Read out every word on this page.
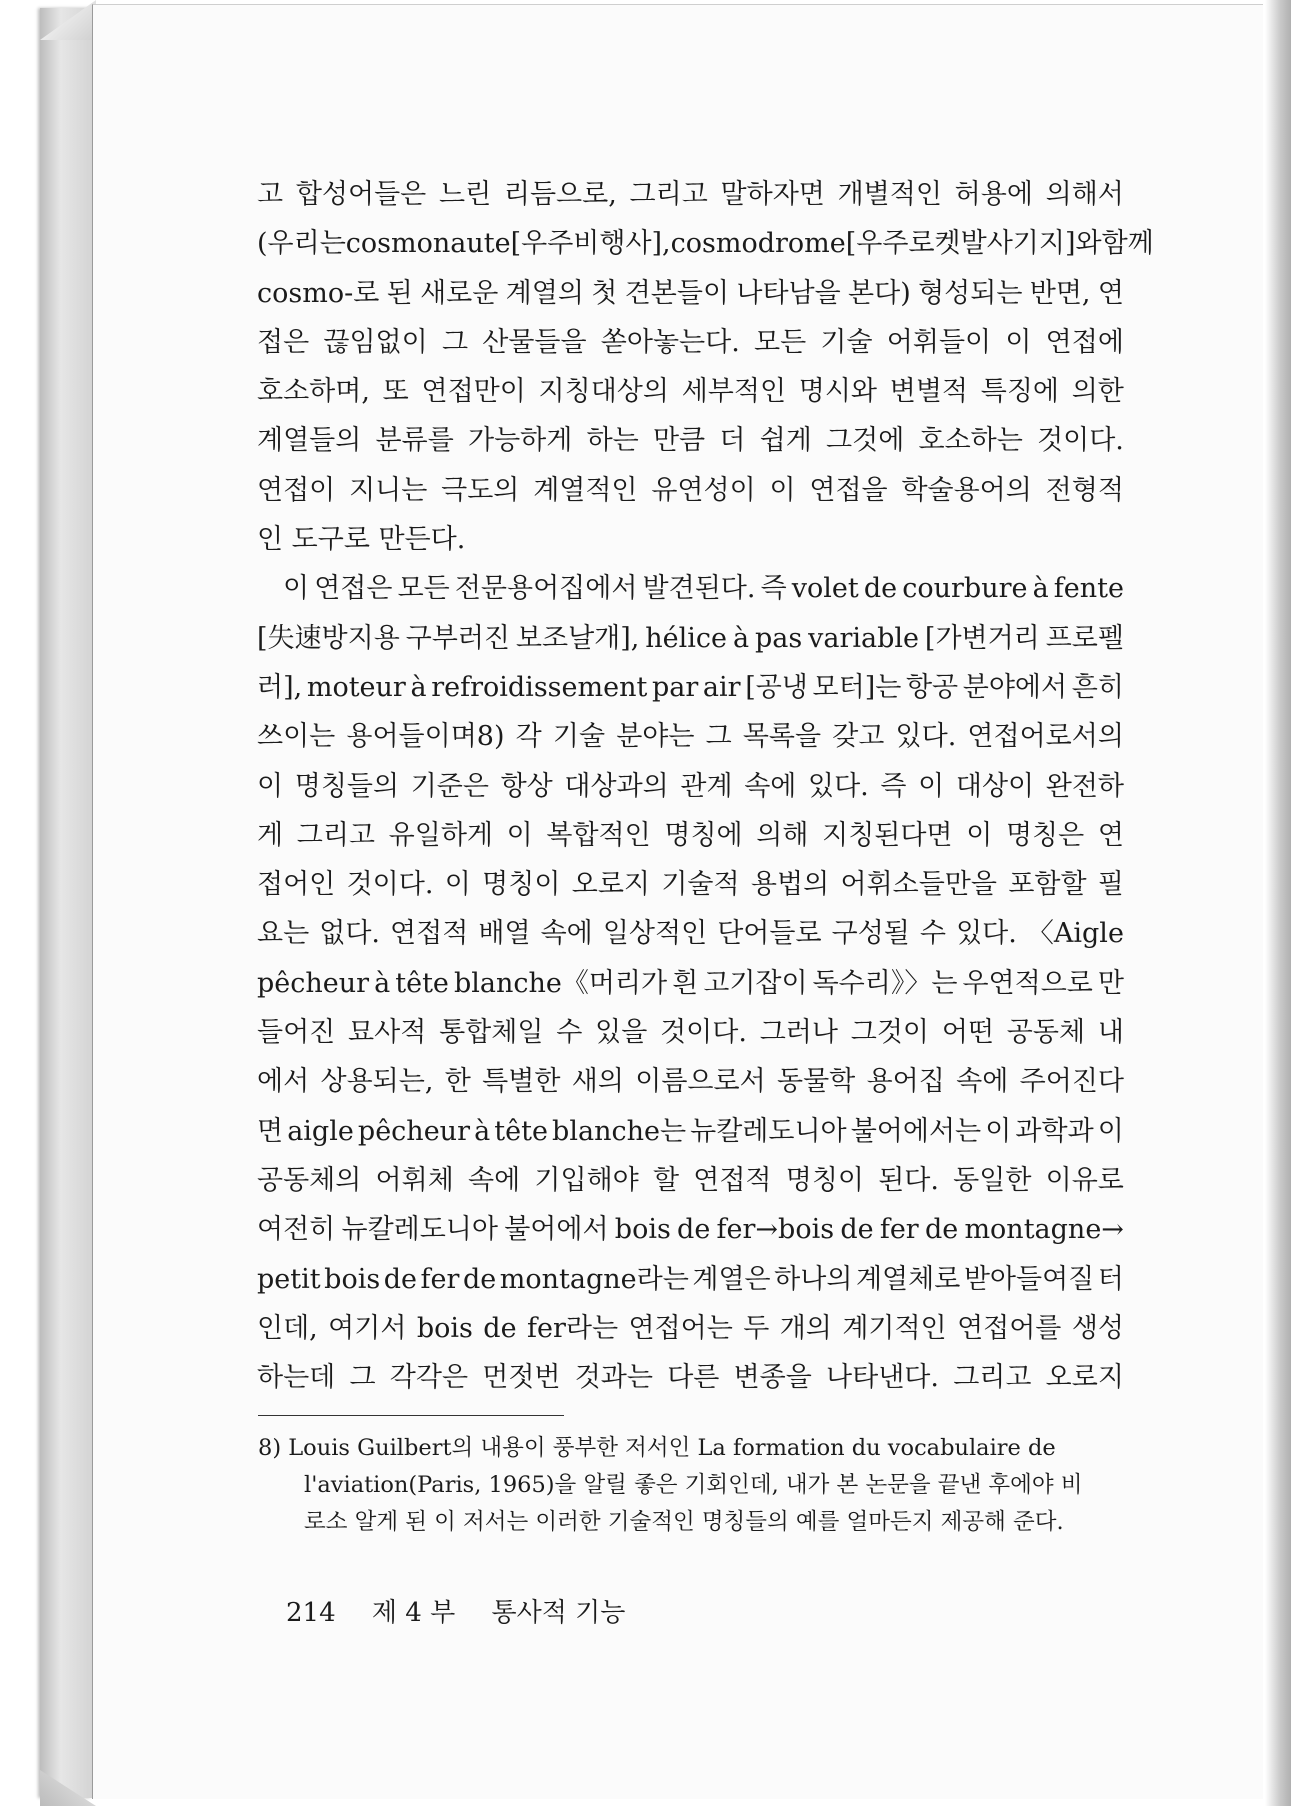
고 합성어들은 느린 리듬으로, 그리고 말하자면 개별적인 허용에 의해서
(우리는 cosmonaute [우주비행사], cosmodrome [우주로켓 발사기지]와 함께
cosmo-로 된 새로운 계열의 첫 견본들이 나타남을 본다) 형성되는 반면, 연
접은 끊임없이 그 산물들을 쏟아놓는다. 모든 기술 어휘들이 이 연접에
호소하며, 또 연접만이 지칭대상의 세부적인 명시와 변별적 특징에 의한
계열들의 분류를 가능하게 하는 만큼 더 쉽게 그것에 호소하는 것이다.
연접이 지니는 극도의 계열적인 유연성이 이 연접을 학술용어의 전형적
인 도구로 만든다.
이 연접은 모든 전문용어집에서 발견된다. 즉 volet de courbure à fente
[失速방지용 구부러진 보조날개], hélice à pas variable [가변거리 프로펠
러], moteur à refroidissement par air [공냉 모터]는 항공 분야에서 흔히
쓰이는 용어들이며8) 각 기술 분야는 그 목록을 갖고 있다. 연접어로서의
이 명칭들의 기준은 항상 대상과의 관계 속에 있다. 즉 이 대상이 완전하
게 그리고 유일하게 이 복합적인 명칭에 의해 지칭된다면 이 명칭은 연
접어인 것이다. 이 명칭이 오로지 기술적 용법의 어휘소들만을 포함할 필
요는 없다. 연접적 배열 속에 일상적인 단어들로 구성될 수 있다. 〈Aigle
pêcheur à tête blanche《머리가 흰 고기잡이 독수리》〉는 우연적으로 만
들어진 묘사적 통합체일 수 있을 것이다. 그러나 그것이 어떤 공동체 내
에서 상용되는, 한 특별한 새의 이름으로서 동물학 용어집 속에 주어진다
면 aigle pêcheur à tête blanche는 뉴칼레도니아 불어에서는 이 과학과 이
공동체의 어휘체 속에 기입해야 할 연접적 명칭이 된다. 동일한 이유로
여전히 뉴칼레도니아 불어에서 bois de fer→bois de fer de montagne→
petit bois de fer de montagne라는 계열은 하나의 계열체로 받아들여질 터
인데, 여기서 bois de fer라는 연접어는 두 개의 계기적인 연접어를 생성
하는데 그 각각은 먼젓번 것과는 다른 변종을 나타낸다. 그리고 오로지
8) Louis Guilbert의 내용이 풍부한 저서인 La formation du vocabulaire de
l'aviation(Paris, 1965)을 알릴 좋은 기회인데, 내가 본 논문을 끝낸 후에야 비
로소 알게 된 이 저서는 이러한 기술적인 명칭들의 예를 얼마든지 제공해 준다.
214 제 4 부 통사적 기능
